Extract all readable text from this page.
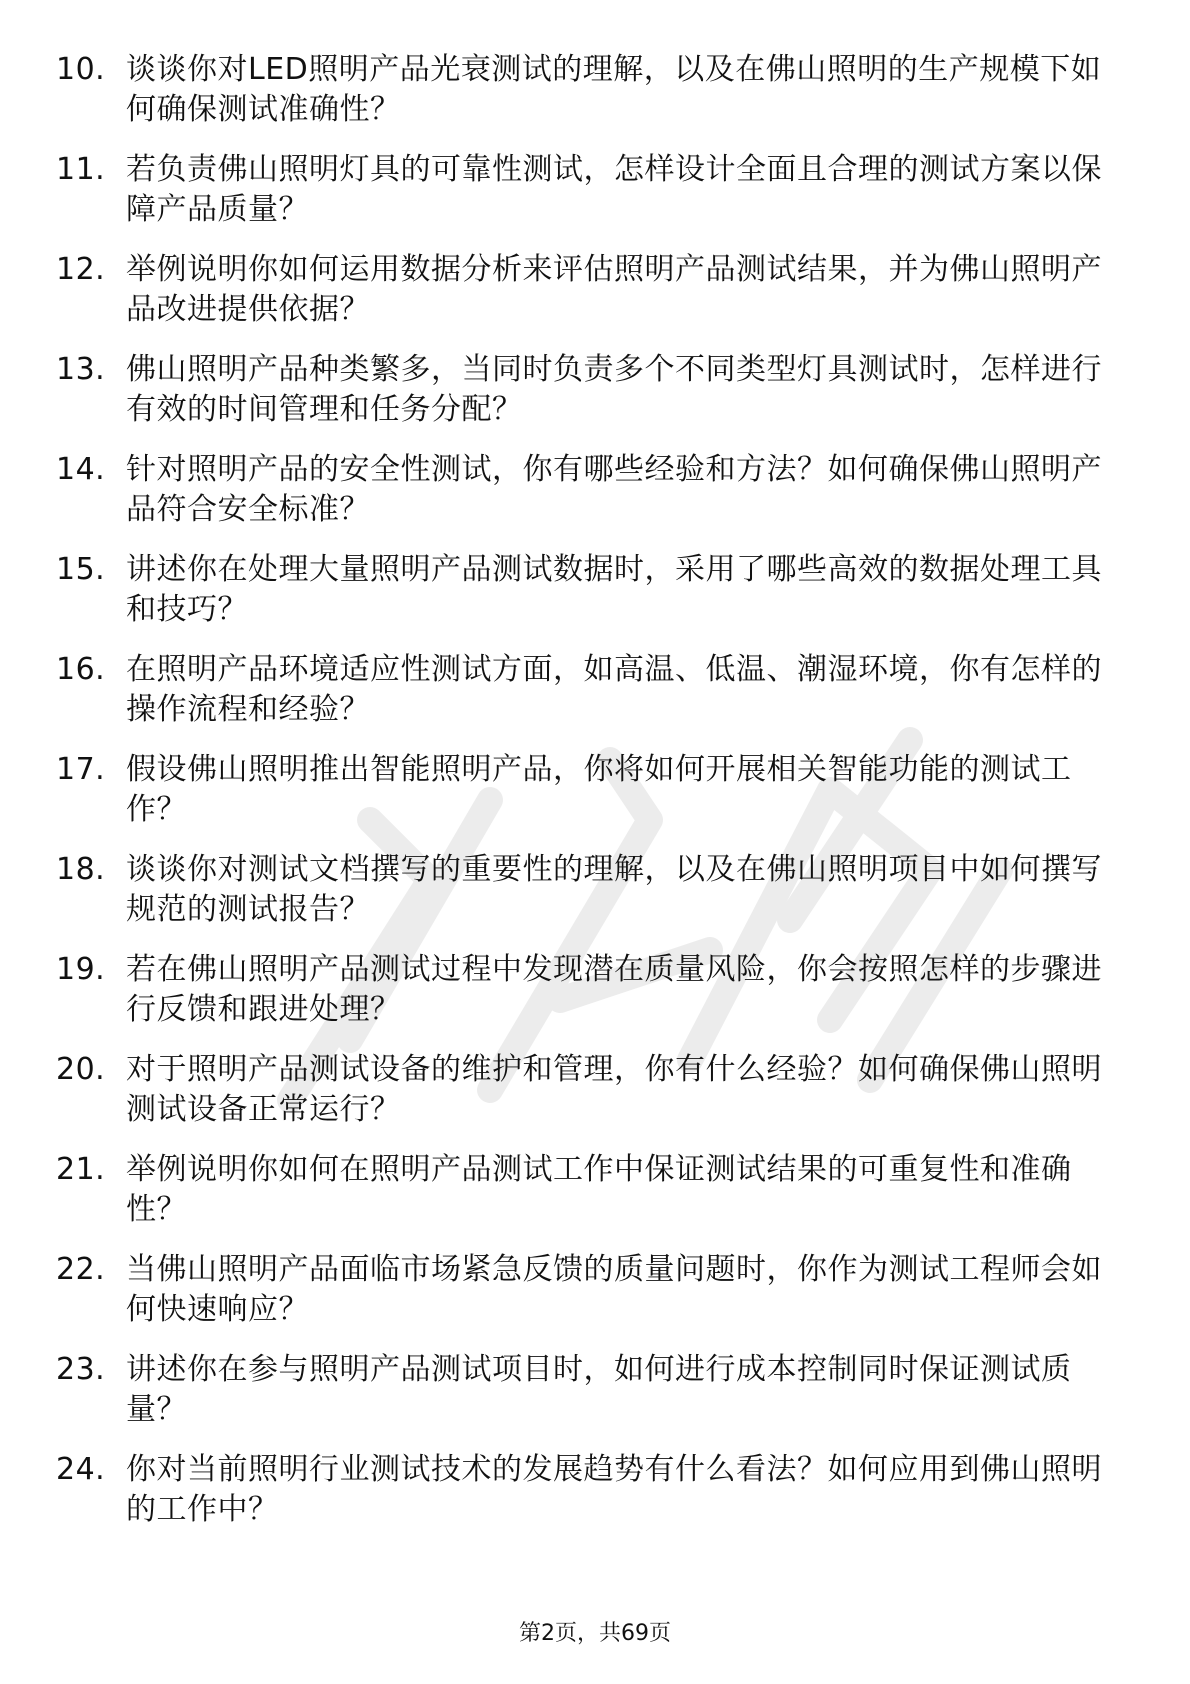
10. 谈谈你对LED照明产品光衰测试的理解，以及在佛山照明的生产规模下如何确保测试准确性？
11. 若负责佛山照明灯具的可靠性测试，怎样设计全面且合理的测试方案以保障产品质量？
12. 举例说明你如何运用数据分析来评估照明产品测试结果，并为佛山照明产品改进提供依据？
13. 佛山照明产品种类繁多，当同时负责多个不同类型灯具测试时，怎样进行有效的时间管理和任务分配？
14. 针对照明产品的安全性测试，你有哪些经验和方法？如何确保佛山照明产品符合安全标准？
15. 讲述你在处理大量照明产品测试数据时，采用了哪些高效的数据处理工具和技巧？
16. 在照明产品环境适应性测试方面，如高温、低温、潮湿环境，你有怎样的操作流程和经验？
17. 假设佛山照明推出智能照明产品，你将如何开展相关智能功能的测试工作？
18. 谈谈你对测试文档撰写的重要性的理解，以及在佛山照明项目中如何撰写规范的测试报告？
19. 若在佛山照明产品测试过程中发现潜在质量风险，你会按照怎样的步骤进行反馈和跟进处理？
20. 对于照明产品测试设备的维护和管理，你有什么经验？如何确保佛山照明测试设备正常运行？
21. 举例说明你如何在照明产品测试工作中保证测试结果的可重复性和准确性？
22. 当佛山照明产品面临市场紧急反馈的质量问题时，你作为测试工程师会如何快速响应？
23. 讲述你在参与照明产品测试项目时，如何进行成本控制同时保证测试质量？
24. 你对当前照明行业测试技术的发展趋势有什么看法？如何应用到佛山照明的工作中？
第2页，共69页
